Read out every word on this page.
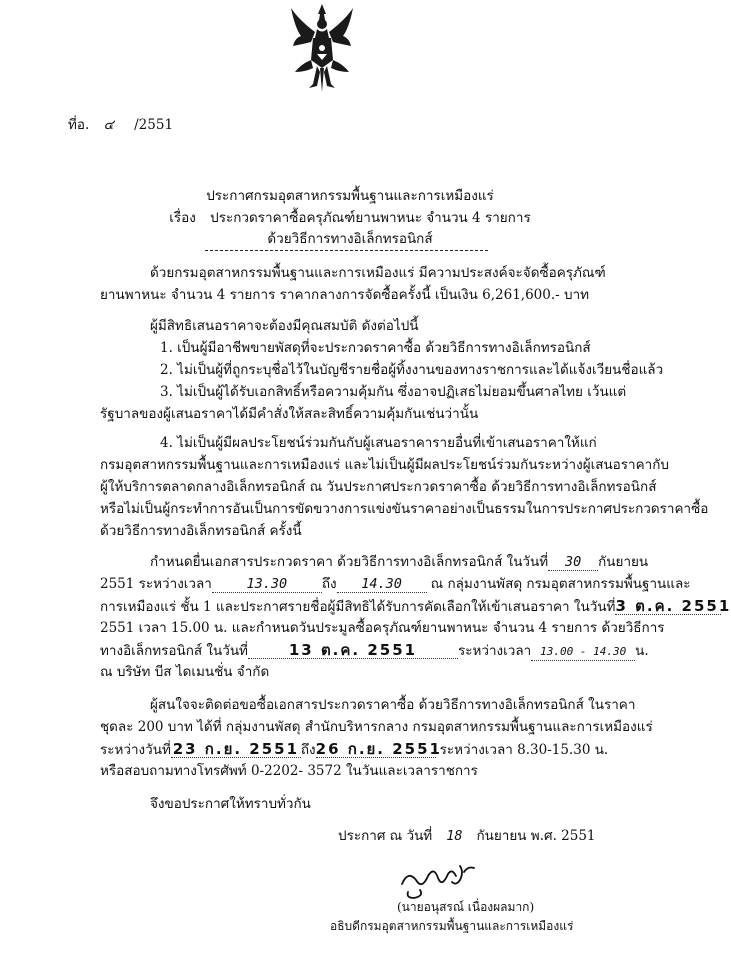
ที่อ. ๔ /2551
ประกาศกรมอุตสาหกรรมพื้นฐานและการเหมืองแร่
เรื่อง ประกวดราคาซื้อครุภัณฑ์ยานพาหนะ จำนวน 4 รายการ
ด้วยวิธีการทางอิเล็กทรอนิกส์
ด้วยกรมอุตสาหกรรมพื้นฐานและการเหมืองแร่ มีความประสงค์จะจัดซื้อครุภัณฑ์
ยานพาหนะ จำนวน 4 รายการ ราคากลางการจัดซื้อครั้งนี้ เป็นเงิน 6,261,600.- บาท
ผู้มีสิทธิเสนอราคาจะต้องมีคุณสมบัติ ดังต่อไปนี้
1. เป็นผู้มีอาชีพขายพัสดุที่จะประกวดราคาซื้อ ด้วยวิธีการทางอิเล็กทรอนิกส์
2. ไม่เป็นผู้ที่ถูกระบุชื่อไว้ในบัญชีรายชื่อผู้ทิ้งงานของทางราชการและได้แจ้งเวียนชื่อแล้ว
3. ไม่เป็นผู้ได้รับเอกสิทธิ์หรือความคุ้มกัน ซึ่งอาจปฏิเสธไม่ยอมขึ้นศาลไทย เว้นแต่
รัฐบาลของผู้เสนอราคาได้มีคำสั่งให้สละสิทธิ์ความคุ้มกันเช่นว่านั้น
4. ไม่เป็นผู้มีผลประโยชน์ร่วมกันกับผู้เสนอราคารายอื่นที่เข้าเสนอราคาให้แก่
กรมอุตสาหกรรมพื้นฐานและการเหมืองแร่ และไม่เป็นผู้มีผลประโยชน์ร่วมกันระหว่างผู้เสนอราคากับ
ผู้ให้บริการตลาดกลางอิเล็กทรอนิกส์ ณ วันประกาศประกวดราคาซื้อ ด้วยวิธีการทางอิเล็กทรอนิกส์
หรือไม่เป็นผู้กระทำการอันเป็นการขัดขวางการแข่งขันราคาอย่างเป็นธรรมในการประกาศประกวดราคาซื้อ
ด้วยวิธีการทางอิเล็กทรอนิกส์ ครั้งนี้
กำหนดยื่นเอกสารประกวดราคา ด้วยวิธีการทางอิเล็กทรอนิกส์ ในวันที่ 30 กันยายน
2551 ระหว่างเวลา	13.30	ถึง 14.30 ณ กลุ่มงานพัสดุ กรมอุตสาหกรรมพื้นฐานและ
การเหมืองแร่ ชั้น 1 และประกาศรายชื่อผู้มีสิทธิได้รับการคัดเลือกให้เข้าเสนอราคา ในวันที่3 ต.ค. 2551
2551 เวลา 15.00 น. และกำหนดวันประมูลซื้อครุภัณฑ์ยานพาหนะ จำนวน 4 รายการ ด้วยวิธีการ
ทางอิเล็กทรอนิกส์ ในวันที่	13 ต.ค. 2551	ระหว่างเวลา 13.00 - 14.30 น.
ณ บริษัท บีส ไดเมนชั่น จำกัด
ผู้สนใจจะติดต่อขอซื้อเอกสารประกวดราคาซื้อ ด้วยวิธีการทางอิเล็กทรอนิกส์ ในราคา
ชุดละ 200 บาท ได้ที่ กลุ่มงานพัสดุ สำนักบริหารกลาง กรมอุตสาหกรรมพื้นฐานและการเหมืองแร่
ระหว่างวันที่ 23 ก.ย. 2551 ถึง26 ก.ย. 2551ระหว่างเวลา 8.30-15.30 น.
หรือสอบถามทางโทรศัพท์ 0-2202- 3572 ในวันและเวลาราชการ
จึงขอประกาศให้ทราบทั่วกัน
ประกาศ ณ วันที่ 18 กันยายน พ.ศ. 2551
(นายอนุสรณ์ เนื่องผลมาก)
อธิบดีกรมอุตสาหกรรมพื้นฐานและการเหมืองแร่
